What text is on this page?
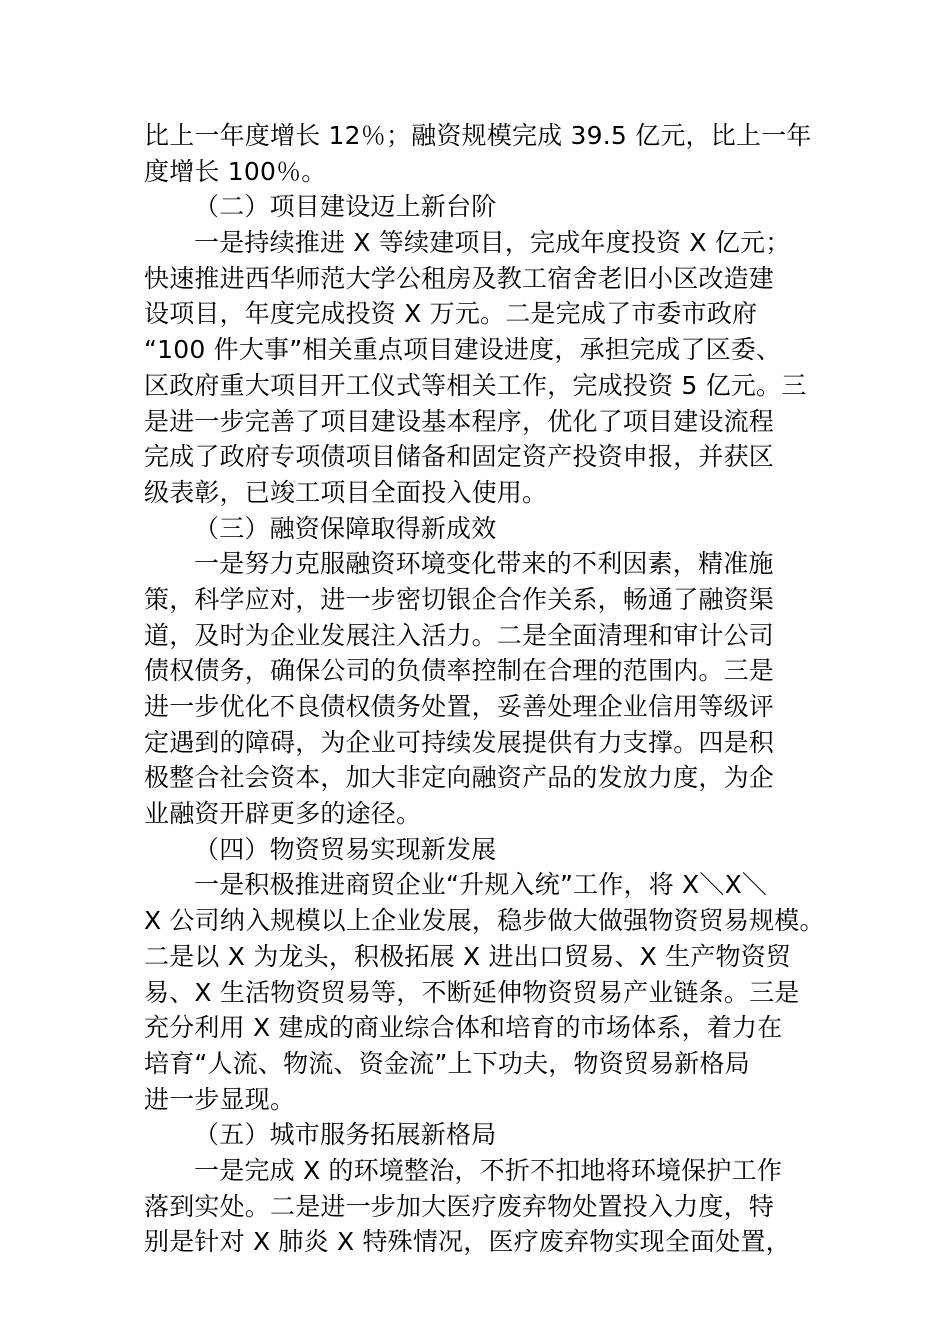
比上一年度增长 12％；融资规模完成 39.5 亿元，比上一年
度增长 100％。
（二）项目建设迈上新台阶
一是持续推进 X 等续建项目，完成年度投资 X 亿元；
快速推进西华师范大学公租房及教工宿舍老旧小区改造建
设项目，年度完成投资 X 万元。二是完成了市委市政府
“100 件大事”相关重点项目建设进度，承担完成了区委、
区政府重大项目开工仪式等相关工作，完成投资 5 亿元。三
是进一步完善了项目建设基本程序，优化了项目建设流程
完成了政府专项债项目储备和固定资产投资申报，并获区
级表彰，已竣工项目全面投入使用。
（三）融资保障取得新成效
一是努力克服融资环境变化带来的不利因素，精准施
策，科学应对，进一步密切银企合作关系，畅通了融资渠
道，及时为企业发展注入活力。二是全面清理和审计公司
债权债务，确保公司的负债率控制在合理的范围内。三是
进一步优化不良债权债务处置，妥善处理企业信用等级评
定遇到的障碍，为企业可持续发展提供有力支撑。四是积
极整合社会资本，加大非定向融资产品的发放力度，为企
业融资开辟更多的途径。
（四）物资贸易实现新发展
一是积极推进商贸企业“升规入统”工作，将 X＼X＼
X 公司纳入规模以上企业发展，稳步做大做强物资贸易规模。
二是以 X 为龙头，积极拓展 X 进出口贸易、X 生产物资贸
易、X 生活物资贸易等，不断延伸物资贸易产业链条。三是
充分利用 X 建成的商业综合体和培育的市场体系，着力在
培育“人流、物流、资金流”上下功夫，物资贸易新格局
进一步显现。
（五）城市服务拓展新格局
一是完成 X 的环境整治，不折不扣地将环境保护工作
落到实处。二是进一步加大医疗废弃物处置投入力度，特
别是针对 X 肺炎 X 特殊情况，医疗废弃物实现全面处置，
